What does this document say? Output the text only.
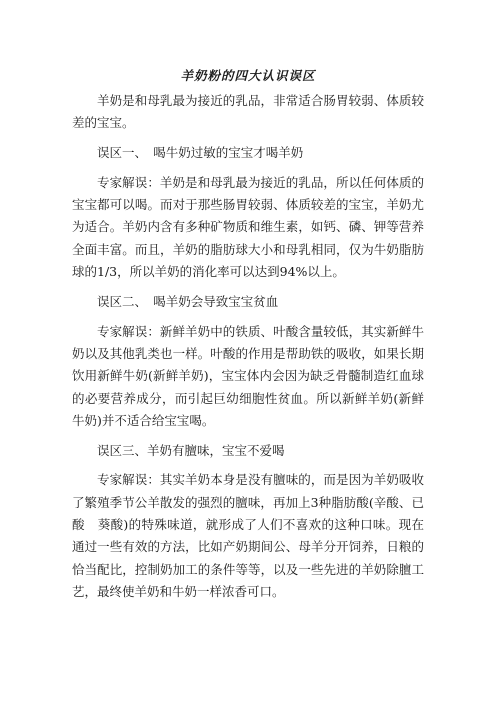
羊奶粉的四大认识误区

羊奶是和母乳最为接近的乳品，非常适合肠胃较弱、体质较差的宝宝。

误区一、　喝牛奶过敏的宝宝才喝羊奶

专家解误：羊奶是和母乳最为接近的乳品，所以任何体质的宝宝都可以喝。而对于那些肠胃较弱、体质较差的宝宝，羊奶尤为适合。羊奶内含有多种矿物质和维生素，如钙、磷、钾等营养全面丰富。而且，羊奶的脂肪球大小和母乳相同，仅为牛奶脂肪球的1/3，所以羊奶的消化率可以达到94%以上。

误区二、　喝羊奶会导致宝宝贫血

专家解误：新鲜羊奶中的铁质、叶酸含量较低，其实新鲜牛奶以及其他乳类也一样。叶酸的作用是帮助铁的吸收，如果长期饮用新鲜牛奶(新鲜羊奶)，宝宝体内会因为缺乏骨髓制造红血球的必要营养成分，而引起巨幼细胞性贫血。所以新鲜羊奶(新鲜牛奶)并不适合给宝宝喝。

误区三、羊奶有膻味，宝宝不爱喝

专家解误：其实羊奶本身是没有膻味的，而是因为羊奶吸收了繁殖季节公羊散发的强烈的膻味，再加上3种脂肪酸(辛酸、已酸　葵酸)的特殊味道，就形成了人们不喜欢的这种口味。现在通过一些有效的方法，比如产奶期间公、母羊分开饲养，日粮的恰当配比，控制奶加工的条件等等，以及一些先进的羊奶除膻工艺，最终使羊奶和牛奶一样浓香可口。
